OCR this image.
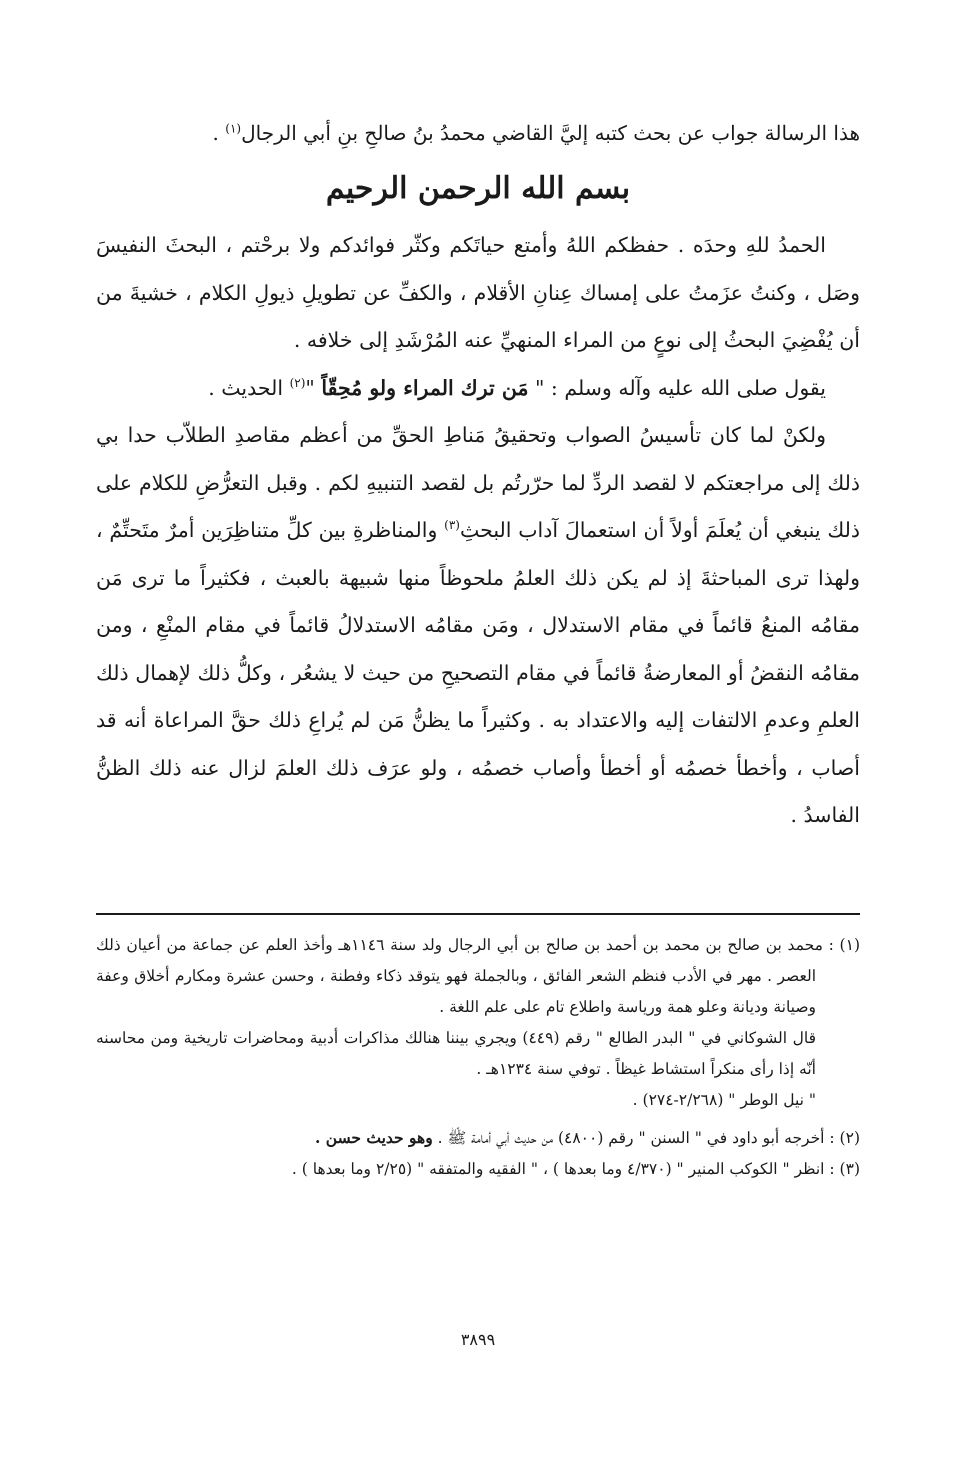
هذا الرسالة جواب عن بحث كتبه إليَّ القاضي محمدُ بنُ صالحِ بنِ أبي الرجال$^{(١)}$ .

بسم الله الرحمن الرحيم

الحمدُ للهِ وحدَه . حفظكم اللهُ وأمتع حياتَكم وكثّر فوائدكم ولا برحْتم ، البحثَ النفيسَ وصَل ، وكنتُ عزَمتُ على إمساك عِنانِ الأقلام ، والكفِّ عن تطويلِ ذيولِ الكلام ، خشيةَ من أن يُفْضِيَ البحثُ إلى نوعٍ من المراء المنهيِّ عنه المُرْشَدِ إلى خلافه .

يقول صلى الله عليه وآله وسلم : " مَن ترك المراء ولو مُحِقّاً "$^{(٢)}$ الحديث .

ولكنْ لما كان تأسيسُ الصواب وتحقيقُ مَناطِ الحقِّ من أعظم مقاصدِ الطلاّب حدا بي ذلك إلى مراجعتكم لا لقصد الردِّ لما حرّرتُم بل لقصد التنبيهِ لكم . وقبل التعرُّضِ للكلام على ذلك ينبغي أن يُعلَمَ أولاً أن استعمالَ آداب البحثِ$^{(٣)}$ والمناظرةِ بين كلِّ متناظِرَين أمرٌ متَحتِّمٌ ، ولهذا ترى المباحثةَ إذ لم يكن ذلك العلمُ ملحوظاً منها شبيهة بالعبث ، فكثيراً ما ترى مَن مقامُه المنعُ قائماً في مقام الاستدلال ، ومَن مقامُه الاستدلالُ قائماً في مقام المنْعِ ، ومن مقامُه النقضُ أو المعارضةُ قائماً في مقام التصحيحِ من حيث لا يشعُر ، وكلُّ ذلك لإهمال ذلك العلمِ وعدمِ الالتفات إليه والاعتداد به . وكثيراً ما يظنُّ مَن لم يُراعِ ذلك حقَّ المراعاة أنه قد أصاب ، وأخطأ خصمُه أو أخطأ وأصاب خصمُه ، ولو عرَف ذلك العلمَ لزال عنه ذلك الظنُّ الفاسدُ .

(١) : محمد بن صالح بن محمد بن أحمد بن صالح بن أبي الرجال ولد سنة ١١٤٦هـ وأخذ العلم عن جماعة من أعيان ذلك العصر . مهر في الأدب فنظم الشعر الفائق ، وبالجملة فهو يتوقد ذكاء وفطنة ، وحسن عشرة ومكارم أخلاق وعفة وصيانة وديانة وعلو همة ورياسة واطلاع تام على علم اللغة .

قال الشوكاني في " البدر الطالع " رقم (٤٤٩) ويجري بيننا هنالك مذاكرات أدبية ومحاضرات تاريخية ومن محاسنه أنّه إذا رأى منكراً استشاط غيظاً . توفي سنة ١٢٣٤هـ .

" نيل الوطر " (٢/٢٦٨-٢٧٤) .

(٢) : أخرجه أبو داود في " السنن " رقم (٤٨٠٠) من حديث أبي أمامة ﷺ . وهو حديث حسن .

(٣) : انظر " الكوكب المنير " (٤/٣٧٠ وما بعدها ) ، " الفقيه والمتفقه " (٢/٢٥ وما بعدها ) .

٣٨٩٩
